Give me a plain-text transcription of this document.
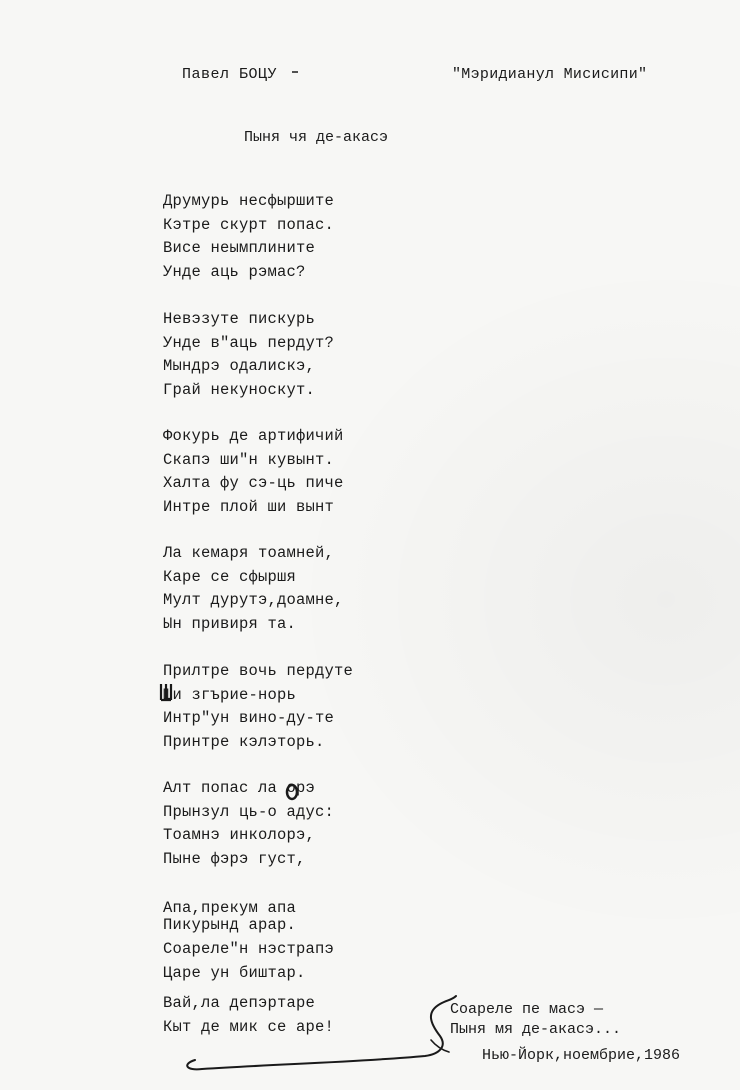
Павел БОЦУ	"Мэридианул Мисисипи"
Пыня чя де-акасэ
Друмурь несфыршите
Кэтре скурт попас.
Висе неымплините
Унде аць рэмас?
Невэзуте пискурь
Унде в"аць пердут?
Мындрэ одалискэ,
Грай некуноскут.
Фокурь де артифичий
Скапэ ши"н кувынт.
Халта фу сэ-ць пиче
Интре плой ши вынт
Ла кемаря тоамней,
Каре се сфыршя
Мулт дурутэ,доамне,
Ын привиря та.
Прилтре вочь пердуте
Ши згърие-норь
Интр"ун вино-ду-те
Принтре кэлэторь.
Алт попас ла орэ
Прынзул ць-о адус:
Тоамнэ инколорэ,
Пыне фэрэ густ,
Апа,прекум апа
Пикурынд арар.
Соареле"н нэстрапэ
Царе ун биштар.
Вай,ла депэртаре
Кыт де мик се аре!
Соареле пе масэ —
Пыня мя де-акасэ...
Нью-Йорк,ноембрие,1986
